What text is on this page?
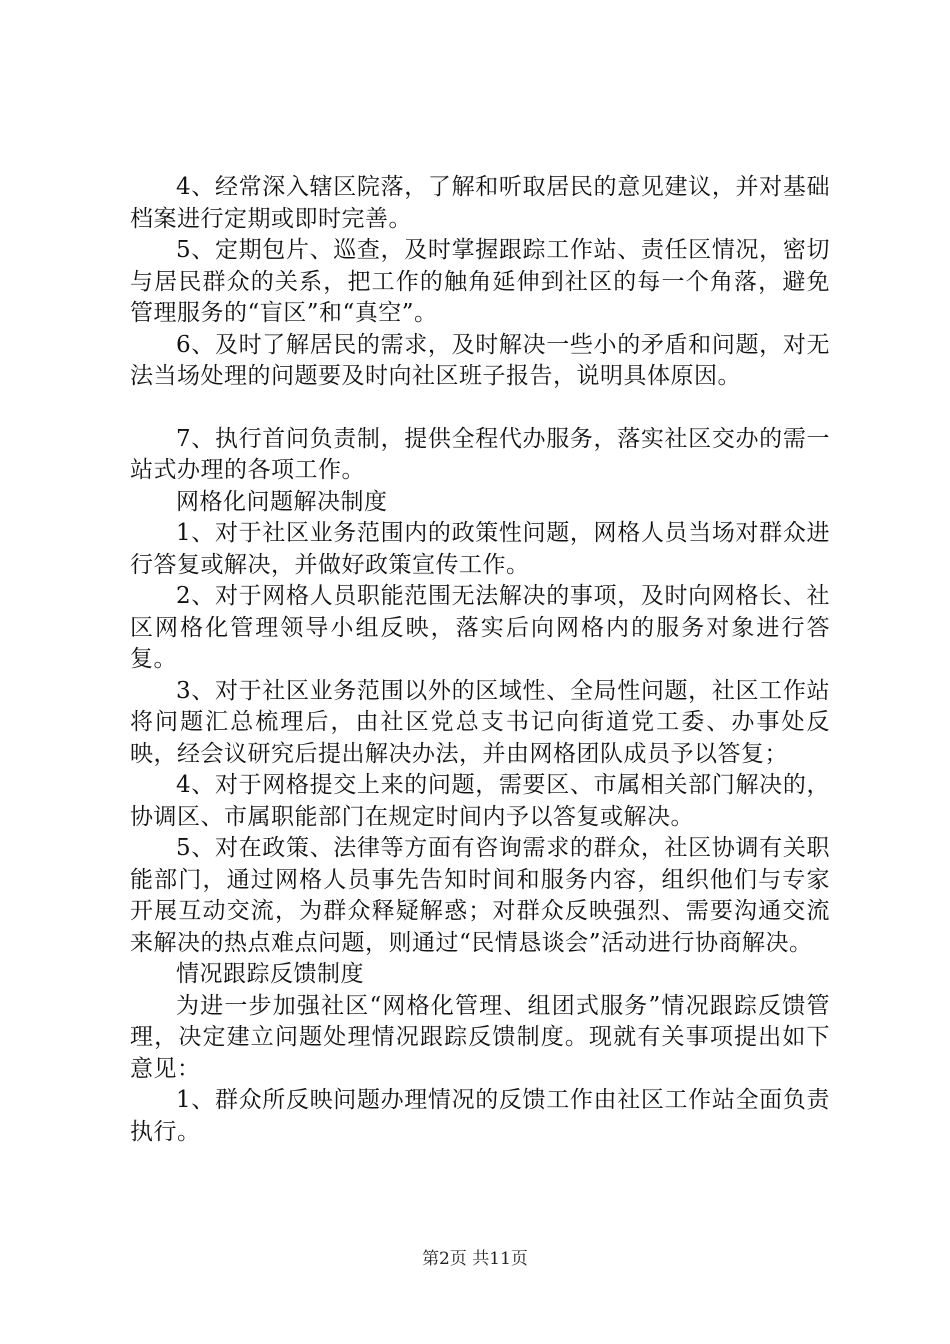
4、经常深入辖区院落，了解和听取居民的意见建议，并对基础档案进行定期或即时完善。

5、定期包片、巡查，及时掌握跟踪工作站、责任区情况，密切与居民群众的关系，把工作的触角延伸到社区的每一个角落，避免管理服务的“盲区”和“真空”。

6、及时了解居民的需求，及时解决一些小的矛盾和问题，对无法当场处理的问题要及时向社区班子报告，说明具体原因。

7、执行首问负责制，提供全程代办服务，落实社区交办的需一站式办理的各项工作。

网格化问题解决制度

1、对于社区业务范围内的政策性问题，网格人员当场对群众进行答复或解决，并做好政策宣传工作。

2、对于网格人员职能范围无法解决的事项，及时向网格长、社区网格化管理领导小组反映，落实后向网格内的服务对象进行答复。

3、对于社区业务范围以外的区域性、全局性问题，社区工作站将问题汇总梳理后，由社区党总支书记向街道党工委、办事处反映，经会议研究后提出解决办法，并由网格团队成员予以答复；

4、对于网格提交上来的问题，需要区、市属相关部门解决的，协调区、市属职能部门在规定时间内予以答复或解决。

5、对在政策、法律等方面有咨询需求的群众，社区协调有关职能部门，通过网格人员事先告知时间和服务内容，组织他们与专家开展互动交流，为群众释疑解惑；对群众反映强烈、需要沟通交流来解决的热点难点问题，则通过“民情恳谈会”活动进行协商解决。

情况跟踪反馈制度

为进一步加强社区“网格化管理、组团式服务”情况跟踪反馈管理，决定建立问题处理情况跟踪反馈制度。现就有关事项提出如下意见：

1、群众所反映问题办理情况的反馈工作由社区工作站全面负责执行。

第2页 共11页
